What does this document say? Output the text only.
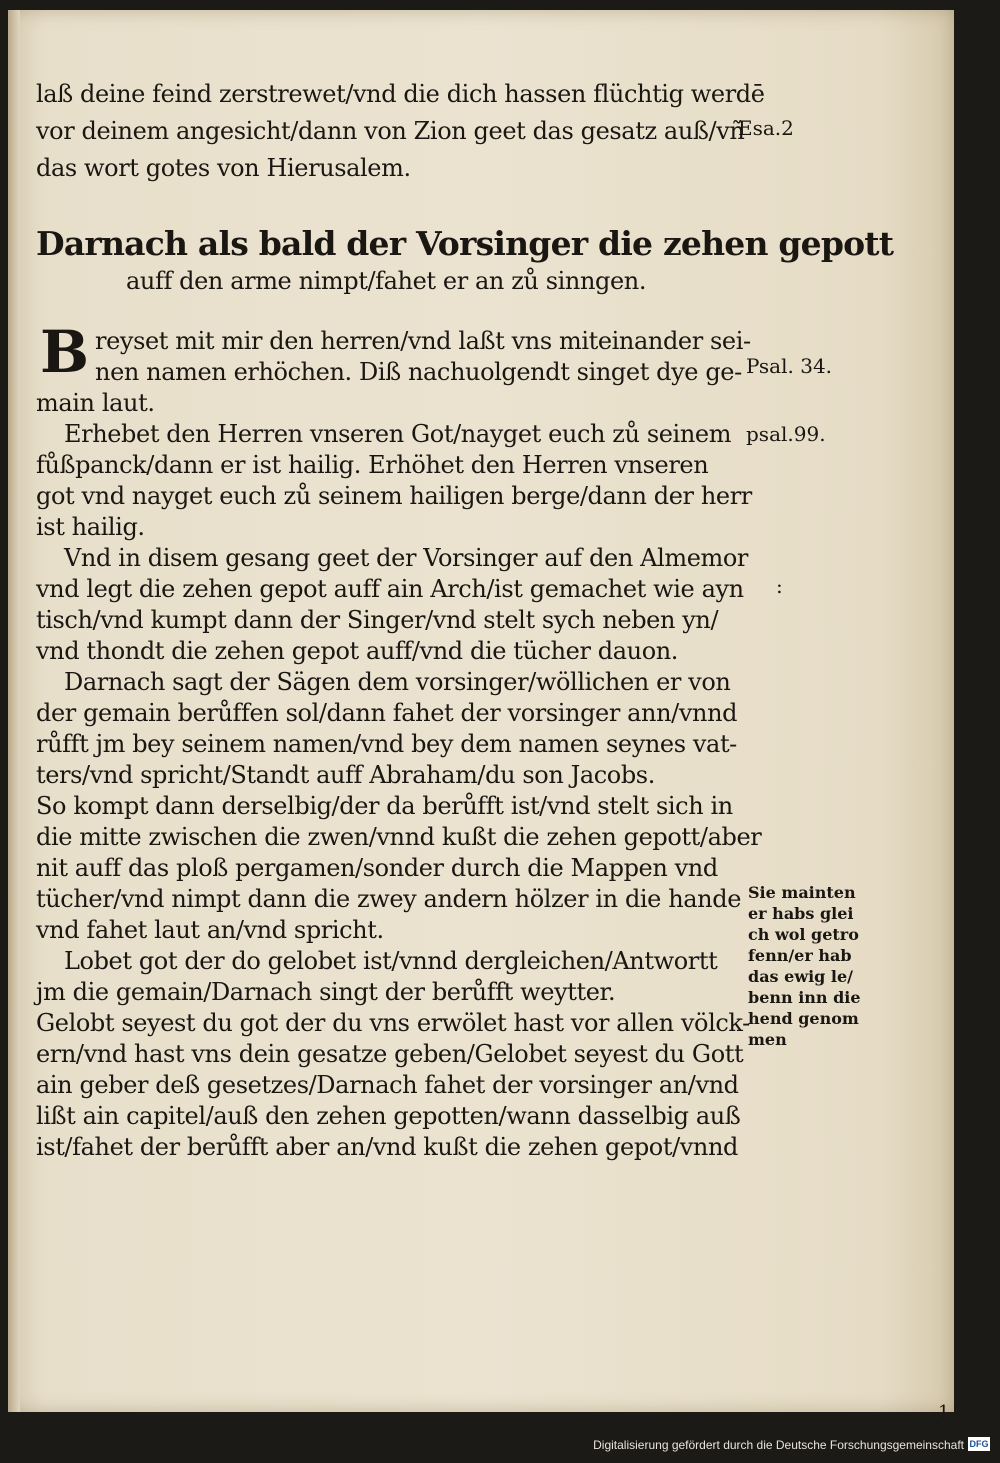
laß deine feind zerstrewet/vnd die dich hassen flüchtig werdē
vor deinem angesicht/dann von Zion geet das gesatz auß/vñ
das wort gotes von Hierusalem.
Darnach als bald der Vorsinger die zehen gepott
auff den arme nimpt/fahet er an zů sinngen.
B reyset mit mir den herren/vnd laßt vns miteinander sei-
nen namen erhöchen. Diß nachuolgendt singet dye ge-
main laut.
Erhebet den Herren vnseren Got/nayget euch zů seinem
fůßpanck/dann er ist hailig. Erhöhet den Herren vnseren
got vnd nayget euch zů seinem hailigen berge/dann der herr
ist hailig.
Vnd in disem gesang geet der Vorsinger auf den Almemor
vnd legt die zehen gepot auff ain Arch/ist gemachet wie ayn
tisch/vnd kumpt dann der Singer/vnd stelt sych neben yn/
vnd thondt die zehen gepot auff/vnd die tücher dauon.
Darnach sagt der Sägen dem vorsinger/wöllichen er von
der gemain berůffen sol/dann fahet der vorsinger ann/vnnd
růfft jm bey seinem namen/vnd bey dem namen seynes vat-
ters/vnd spricht/Standt auff Abraham/du son Jacobs.
So kompt dann derselbig/der da berůfft ist/vnd stelt sich in
die mitte zwischen die zwen/vnnd kußt die zehen gepott/aber
nit auff das ploß pergamen/sonder durch die Mappen vnd
tücher/vnd nimpt dann die zwey andern hölzer in die hande
vnd fahet laut an/vnd spricht.
Lobet got der do gelobet ist/vnnd dergleichen/Antwortt
jm die gemain/Darnach singt der berůfft weytter.
Gelobt seyest du got der du vns erwölet hast vor allen völck-
ern/vnd hast vns dein gesatze geben/Gelobet seyest du Gott
ain geber deß gesetzes/Darnach fahet der vorsinger an/vnd
lißt ain capitel/auß den zehen gepotten/wann dasselbig auß
ist/fahet der berůfft aber an/vnd kußt die zehen gepot/vnnd
Esa.2
Psal. 34.
psal.99.
:
Sie mainten
er habs glei
ch wol getro
fenn/er hab
das ewig le/
benn inn die
hend genom
men
1
Digitalisierung gefördert durch die Deutsche Forschungsgemeinschaft DFG
